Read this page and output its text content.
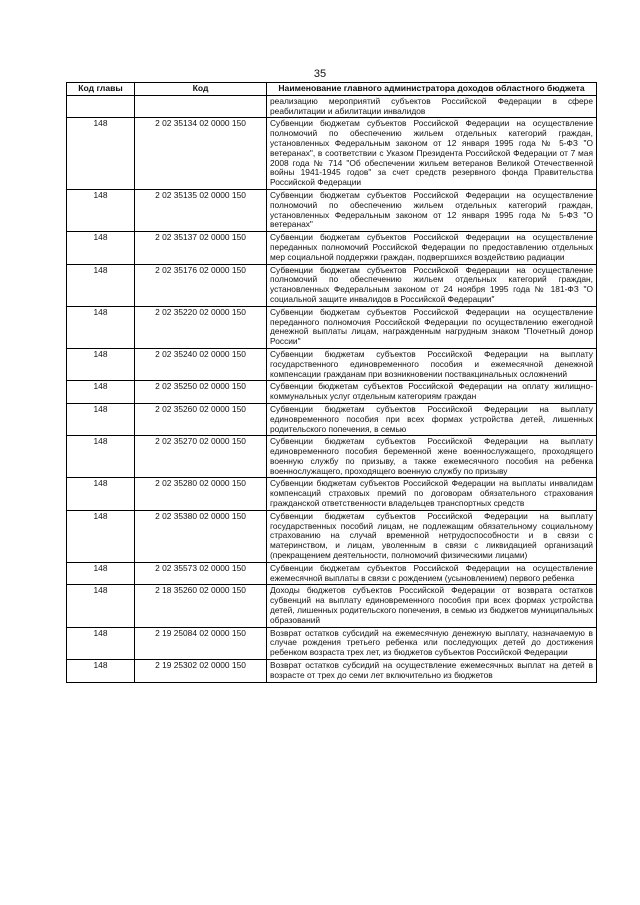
35
Код главы	Код	Наименование главного администратора доходов областного бюджета
		реализацию мероприятий субъектов Российской Федерации в сфере реабилитации и абилитации инвалидов
148	2 02 35134 02 0000 150	Субвенции бюджетам субъектов Российской Федерации на осуществление полномочий по обеспечению жильем отдельных категорий граждан, установленных Федеральным законом от 12 января 1995 года № 5-ФЗ "О ветеранах", в соответствии с Указом Президента Российской Федерации от 7 мая 2008 года № 714 "Об обеспечении жильем ветеранов Великой Отечественной войны 1941-1945 годов" за счет средств резервного фонда Правительства Российской Федерации
148	2 02 35135 02 0000 150	Субвенции бюджетам субъектов Российской Федерации на осуществление полномочий по обеспечению жильем отдельных категорий граждан, установленных Федеральным законом от 12 января 1995 года № 5-ФЗ "О ветеранах"
148	2 02 35137 02 0000 150	Субвенции бюджетам субъектов Российской Федерации на осуществление переданных полномочий Российской Федерации по предоставлению отдельных мер социальной поддержки граждан, подвергшихся воздействию радиации
148	2 02 35176 02 0000 150	Субвенции бюджетам субъектов Российской Федерации на осуществление полномочий по обеспечению жильем отдельных категорий граждан, установленных Федеральным законом от 24 ноября 1995 года № 181-ФЗ "О социальной защите инвалидов в Российской Федерации"
148	2 02 35220 02 0000 150	Субвенции бюджетам субъектов Российской Федерации на осуществление переданного полномочия Российской Федерации по осуществлению ежегодной денежной выплаты лицам, награжденным нагрудным знаком "Почетный донор России"
148	2 02 35240 02 0000 150	Субвенции бюджетам субъектов Российской Федерации на выплату государственного единовременного пособия и ежемесячной денежной компенсации гражданам при возникновении поствакцинальных осложнений
148	2 02 35250 02 0000 150	Субвенции бюджетам субъектов Российской Федерации на оплату жилищно-коммунальных услуг отдельным категориям граждан
148	2 02 35260 02 0000 150	Субвенции бюджетам субъектов Российской Федерации на выплату единовременного пособия при всех формах устройства детей, лишенных родительского попечения, в семью
148	2 02 35270 02 0000 150	Субвенции бюджетам субъектов Российской Федерации на выплату единовременного пособия беременной жене военнослужащего, проходящего военную службу по призыву, а также ежемесячного пособия на ребенка военнослужащего, проходящего военную службу по призыву
148	2 02 35280 02 0000 150	Субвенции бюджетам субъектов Российской Федерации на выплаты инвалидам компенсаций страховых премий по договорам обязательного страхования гражданской ответственности владельцев транспортных средств
148	2 02 35380 02 0000 150	Субвенции бюджетам субъектов Российской Федерации на выплату государственных пособий лицам, не подлежащим обязательному социальному страхованию на случай временной нетрудоспособности и в связи с материнством, и лицам, уволенным в связи с ликвидацией организаций (прекращением деятельности, полномочий физическими лицами)
148	2 02 35573 02 0000 150	Субвенции бюджетам субъектов Российской Федерации на осуществление ежемесячной выплаты в связи с рождением (усыновлением) первого ребенка
148	2 18 35260 02 0000 150	Доходы бюджетов субъектов Российской Федерации от возврата остатков субвенций на выплату единовременного пособия при всех формах устройства детей, лишенных родительского попечения, в семью из бюджетов муниципальных образований
148	2 19 25084 02 0000 150	Возврат остатков субсидий на ежемесячную денежную выплату, назначаемую в случае рождения третьего ребенка или последующих детей до достижения ребенком возраста трех лет, из бюджетов субъектов Российской Федерации
148	2 19 25302 02 0000 150	Возврат остатков субсидий на осуществление ежемесячных выплат на детей в возрасте от трех до семи лет включительно из бюджетов
